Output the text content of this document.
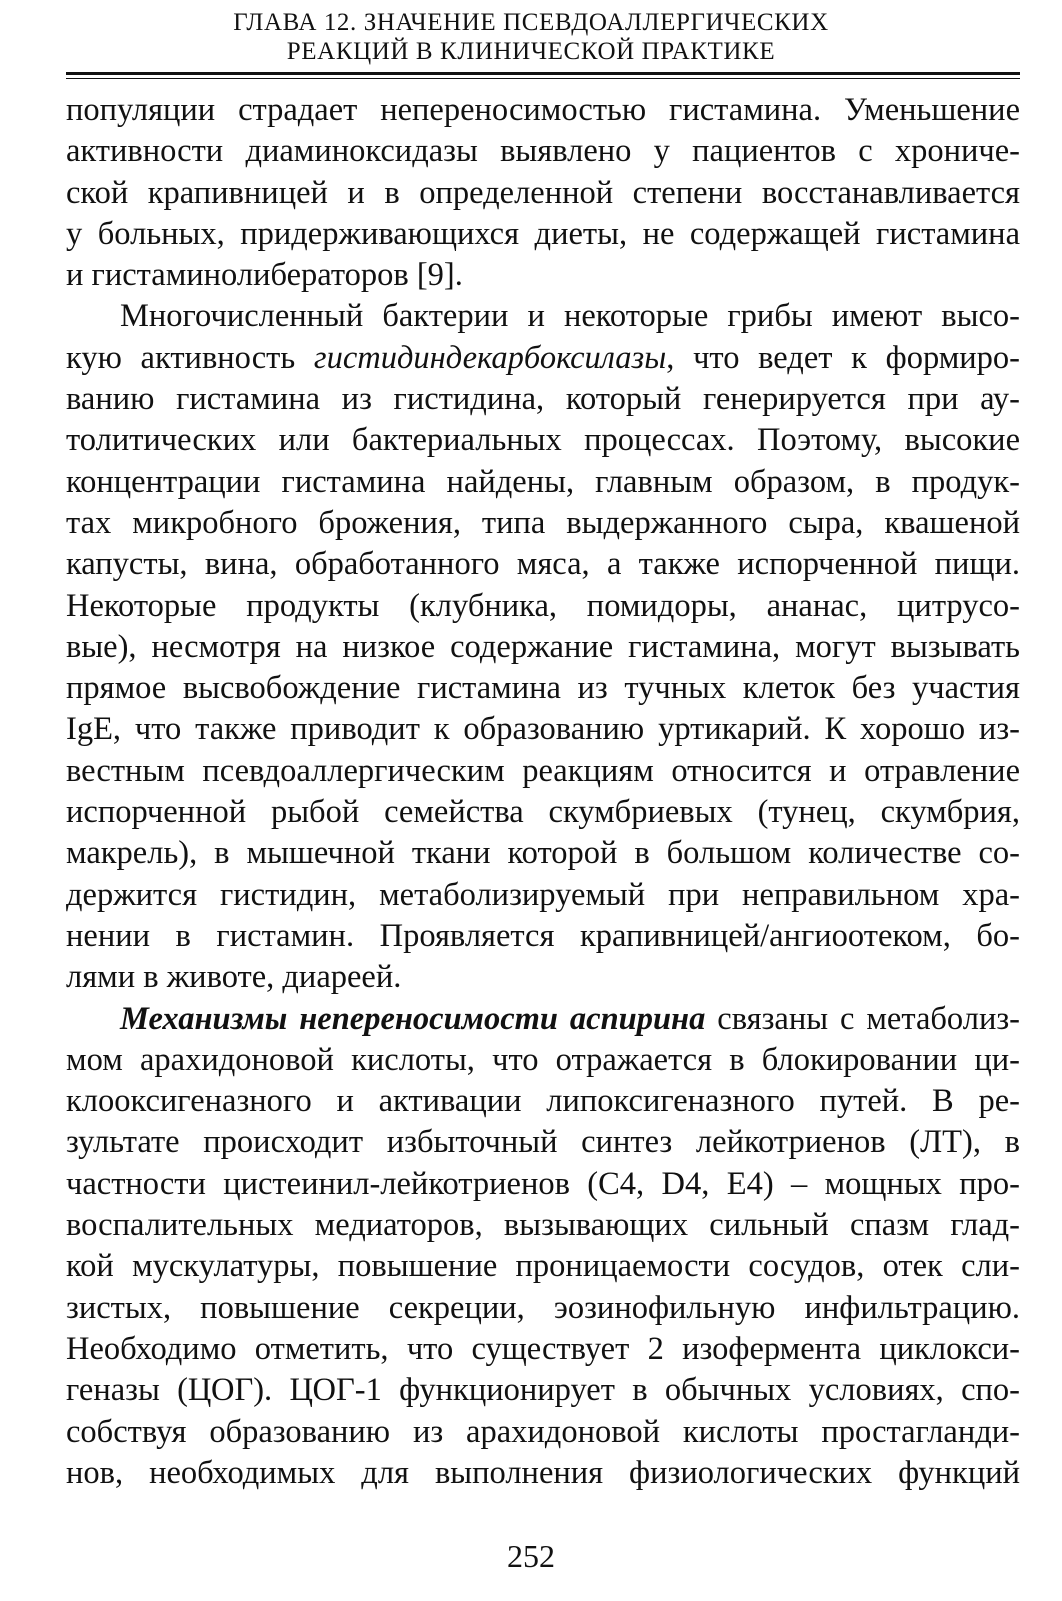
ГЛАВА 12. ЗНАЧЕНИЕ ПСЕВДОАЛЛЕРГИЧЕСКИХ
РЕАКЦИЙ В КЛИНИЧЕСКОЙ ПРАКТИКЕ
популяции страдает непереносимостью гистамина. Уменьшение
активности диаминоксидазы выявлено у пациентов с хрониче-
ской крапивницей и в определенной степени восстанавливается
у больных, придерживающихся диеты, не содержащей гистамина
и гистаминолибераторов [9].
Многочисленный бактерии и некоторые грибы имеют высо-
кую активность гистидиндекарбоксилазы, что ведет к формиро-
ванию гистамина из гистидина, который генерируется при ау-
толитических или бактериальных процессах. Поэтому, высокие
концентрации гистамина найдены, главным образом, в продук-
тах микробного брожения, типа выдержанного сыра, квашеной
капусты, вина, обработанного мяса, а также испорченной пищи.
Некоторые продукты (клубника, помидоры, ананас, цитрусо-
вые), несмотря на низкое содержание гистамина, могут вызывать
прямое высвобождение гистамина из тучных клеток без участия
IgE, что также приводит к образованию уртикарий. К хорошо из-
вестным псевдоаллергическим реакциям относится и отравление
испорченной рыбой семейства скумбриевых (тунец, скумбрия,
макрель), в мышечной ткани которой в большом количестве со-
держится гистидин, метаболизируемый при неправильном хра-
нении в гистамин. Проявляется крапивницей/ангиоотеком, бо-
лями в животе, диареей.
Механизмы непереносимости аспирина связаны с метаболиз-
мом арахидоновой кислоты, что отражается в блокировании ци-
клооксигеназного и активации липоксигеназного путей. В ре-
зультате происходит избыточный синтез лейкотриенов (ЛТ), в
частности цистеинил-лейкотриенов (С4, D4, Е4) – мощных про-
воспалительных медиаторов, вызывающих сильный спазм глад-
кой мускулатуры, повышение проницаемости сосудов, отек сли-
зистых, повышение секреции, эозинофильную инфильтрацию.
Необходимо отметить, что существует 2 изофермента циклокси-
геназы (ЦОГ). ЦОГ-1 функционирует в обычных условиях, спо-
собствуя образованию из арахидоновой кислоты простагланди-
нов, необходимых для выполнения физиологических функций
252
